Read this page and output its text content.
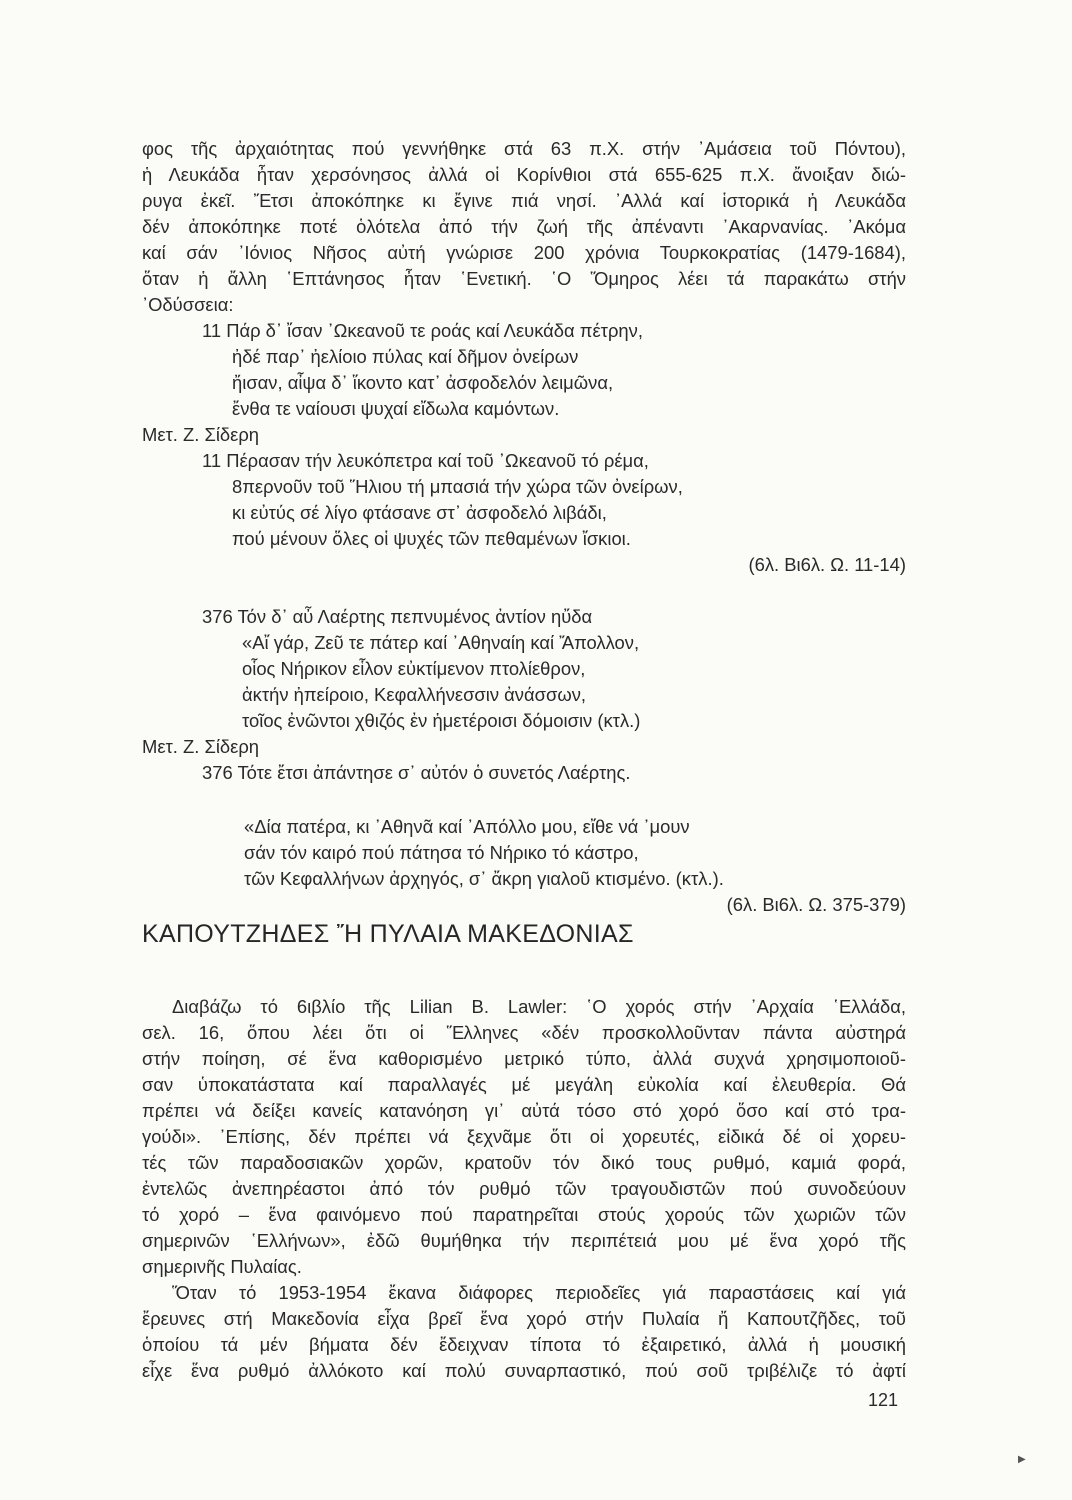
φος τῆς ἀρχαιότητας πού γεννήθηκε στά 63 π.Χ. στήν ᾽Αμάσεια τοῦ Πόντου),
ἡ Λευκάδα ἦταν χερσόνησος ἀλλά οἱ Κορίνθιοι στά 655-625 π.Χ. ἄνοιξαν διώ-
ρυγα ἐκεῖ. Ἔτσι ἀποκόπηκε κι ἔγινε πιά νησί. ᾽Αλλά καί ἱστορικά ἡ Λευκάδα
δέν ἀποκόπηκε ποτέ ὁλότελα ἀπό τήν ζωή τῆς ἀπέναντι ᾽Ακαρνανίας. ᾽Ακόμα
καί σάν ᾽Ιόνιος Νῆσος αὐτή γνώρισε 200 χρόνια Τουρκοκρατίας (1479-1684),
ὅταν ἡ ἄλλη ῾Επτάνησος ἦταν ῾Ενετική. ῾Ο Ὅμηρος λέει τά παρακάτω στήν
᾽Οδύσσεια:
11 Πάρ δ᾽ ἴσαν ᾽Ωκεανοῦ τε ροάς καί Λευκάδα πέτρην,
ἠδέ παρ᾽ ἠελίοιο πύλας καί δῆμον ὀνείρων
ἤισαν, αἶψα δ᾽ ἵκοντο κατ᾽ ἀσφοδελόν λειμῶνα,
ἔνθα τε ναίουσι ψυχαί εἴδωλα καμόντων.
Μετ. Ζ. Σίδερη
11 Πέρασαν τήν λευκόπετρα καί τοῦ ᾽Ωκεανοῦ τό ρέμα,
8περνοῦν τοῦ Ἥλιου τή μπασιά τήν χώρα τῶν ὀνείρων,
κι εὐτύς σέ λίγο φτάσανε στ᾽ ἀσφοδελό λιβάδι,
πού μένουν ὅλες οἱ ψυχές τῶν πεθαμένων ἴσκιοι.
(6λ. Βι6λ. Ω. 11-14)
376 Τόν δ᾽ αὖ Λαέρτης πεπνυμένος ἀντίον ηὔδα
«Αἴ γάρ, Ζεῦ τε πάτερ καί ᾽Αθηναίη καί Ἄπολλον,
οἷος Νήρικον εἷλον εὐκτίμενον πτολίεθρον,
ἀκτήν ἠπείροιο, Κεφαλλήνεσσιν ἀνάσσων,
τοῖος ἐνῶντοι χθιζός ἐν ἡμετέροισι δόμοισιν (κτλ.)
Μετ. Ζ. Σίδερη
376 Τότε ἔτσι ἀπάντησε σ᾽ αὐτόν ὁ συνετός Λαέρτης.
«Δία πατέρα, κι ᾽Αθηνᾶ καί ᾽Απόλλο μου, εἴθε νά ᾽μουν
σάν τόν καιρό πού πάτησα τό Νήρικο τό κάστρο,
τῶν Κεφαλλήνων ἀρχηγός, σ᾽ ἄκρη γιαλοῦ κτισμένο. (κτλ.).
(6λ. Βι6λ. Ω. 375-379)
ΚΑΠΟΥΤΖΗΔΕΣ Ἤ ΠΥΛΑΙΑ ΜΑΚΕΔΟΝΙΑΣ
Διαβάζω τό 6ιβλίο τῆς Lilian B. Lawler: ῾Ο χορός στήν ᾽Αρχαία ῾Ελλάδα,
σελ. 16, ὅπου λέει ὅτι οἱ Ἕλληνες «δέν προσκολλοῦνταν πάντα αὐστηρά
στήν ποίηση, σέ ἕνα καθορισμένο μετρικό τύπο, ἀλλά συχνά χρησιμοποιοῦ-
σαν ὑποκατάστατα καί παραλλαγές μέ μεγάλη εὐκολία καί ἐλευθερία. Θά
πρέπει νά δείξει κανείς κατανόηση γι᾽ αὐτά τόσο στό χορό ὅσο καί στό τρα-
γούδι». ᾽Επίσης, δέν πρέπει νά ξεχνᾶμε ὅτι οἱ χορευτές, εἰδικά δέ οἱ χορευ-
τές τῶν παραδοσιακῶν χορῶν, κρατοῦν τόν δικό τους ρυθμό, καμιά φορά,
ἐντελῶς ἀνεπηρέαστοι ἀπό τόν ρυθμό τῶν τραγουδιστῶν πού συνοδεύουν
τό χορό – ἕνα φαινόμενο πού παρατηρεῖται στούς χορούς τῶν χωριῶν τῶν
σημερινῶν ῾Ελλήνων», ἐδῶ θυμήθηκα τήν περιπέτειά μου μέ ἕνα χορό τῆς
σημερινῆς Πυλαίας.
Ὅταν τό 1953-1954 ἔκανα διάφορες περιοδεῖες γιά παραστάσεις καί γιά
ἔρευνες στή Μακεδονία εἶχα βρεῖ ἕνα χορό στήν Πυλαία ἤ Καπουτζῆδες, τοῦ
ὁποίου τά μέν βήματα δέν ἔδειχναν τίποτα τό ἐξαιρετικό, ἀλλά ἡ μουσική
εἶχε ἕνα ρυθμό ἀλλόκοτο καί πολύ συναρπαστικό, πού σοῦ τριβέλιζε τό ἀφτί
121
▶
